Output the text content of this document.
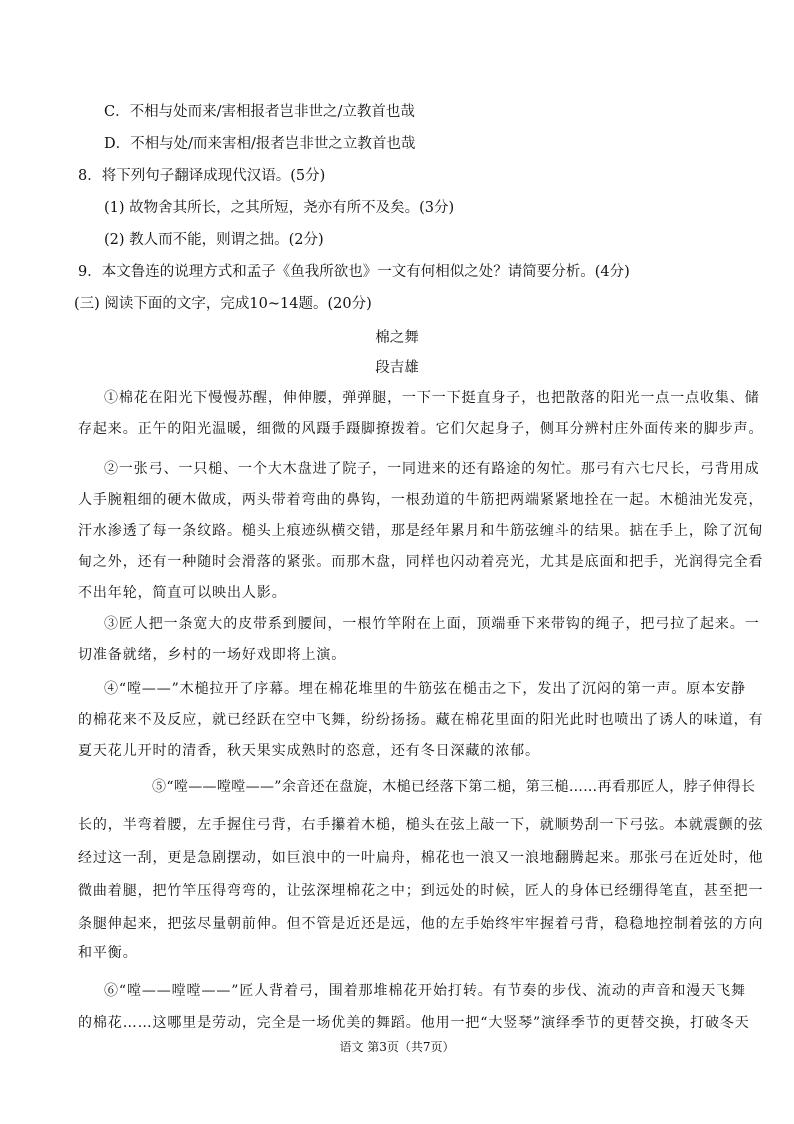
C．不相与处而来/害相报者岂非世之/立教首也哉
D．不相与处/而来害相/报者岂非世之立教首也哉
8．将下列句子翻译成现代汉语。(5分)
(1) 故物舍其所长，之其所短，尧亦有所不及矣。(3分)
(2) 教人而不能，则谓之拙。(2分)
9．本文鲁连的说理方式和孟子《鱼我所欲也》一文有何相似之处？请简要分析。(4分)
(三) 阅读下面的文字，完成10~14题。(20分)
棉之舞
段吉雄
①棉花在阳光下慢慢苏醒，伸伸腰，弹弹腿，一下一下挺直身子，也把散落的阳光一点一点收集、储
存起来。正午的阳光温暖，细微的风蹑手蹑脚撩拨着。它们欠起身子，侧耳分辨村庄外面传来的脚步声。
②一张弓、一只槌、一个大木盘进了院子，一同进来的还有路途的匆忙。那弓有六七尺长，弓背用成
人手腕粗细的硬木做成，两头带着弯曲的鼻钩，一根劲道的牛筋把两端紧紧地拴在一起。木槌油光发亮，
汗水渗透了每一条纹路。槌头上痕迹纵横交错，那是经年累月和牛筋弦缠斗的结果。掂在手上，除了沉甸
甸之外，还有一种随时会滑落的紧张。而那木盘，同样也闪动着亮光，尤其是底面和把手，光润得完全看
不出年轮，简直可以映出人影。
③匠人把一条宽大的皮带系到腰间，一根竹竿附在上面，顶端垂下来带钩的绳子，把弓拉了起来。一
切准备就绪，乡村的一场好戏即将上演。
④“嘡——”木槌拉开了序幕。埋在棉花堆里的牛筋弦在槌击之下，发出了沉闷的第一声。原本安静
的棉花来不及反应，就已经跃在空中飞舞，纷纷扬扬。藏在棉花里面的阳光此时也喷出了诱人的味道，有
夏天花儿开时的清香，秋天果实成熟时的恣意，还有冬日深藏的浓郁。
⑤“嘡——嘡嘡——”余音还在盘旋，木槌已经落下第二槌，第三槌……再看那匠人，脖子伸得长
长的，半弯着腰，左手握住弓背，右手攥着木槌，槌头在弦上敲一下，就顺势刮一下弓弦。本就震颤的弦
经过这一刮，更是急剧摆动，如巨浪中的一叶扁舟，棉花也一浪又一浪地翻腾起来。那张弓在近处时，他
微曲着腿，把竹竿压得弯弯的，让弦深埋棉花之中；到远处的时候，匠人的身体已经绷得笔直，甚至把一
条腿伸起来，把弦尽量朝前伸。但不管是近还是远，他的左手始终牢牢握着弓背，稳稳地控制着弦的方向
和平衡。
⑥“嘡——嘡嘡——”匠人背着弓，围着那堆棉花开始打转。有节奏的步伐、流动的声音和漫天飞舞
的棉花……这哪里是劳动，完全是一场优美的舞蹈。他用一把“大竖琴”演绎季节的更替交换，打破冬天
语文 第3页（共7页）
